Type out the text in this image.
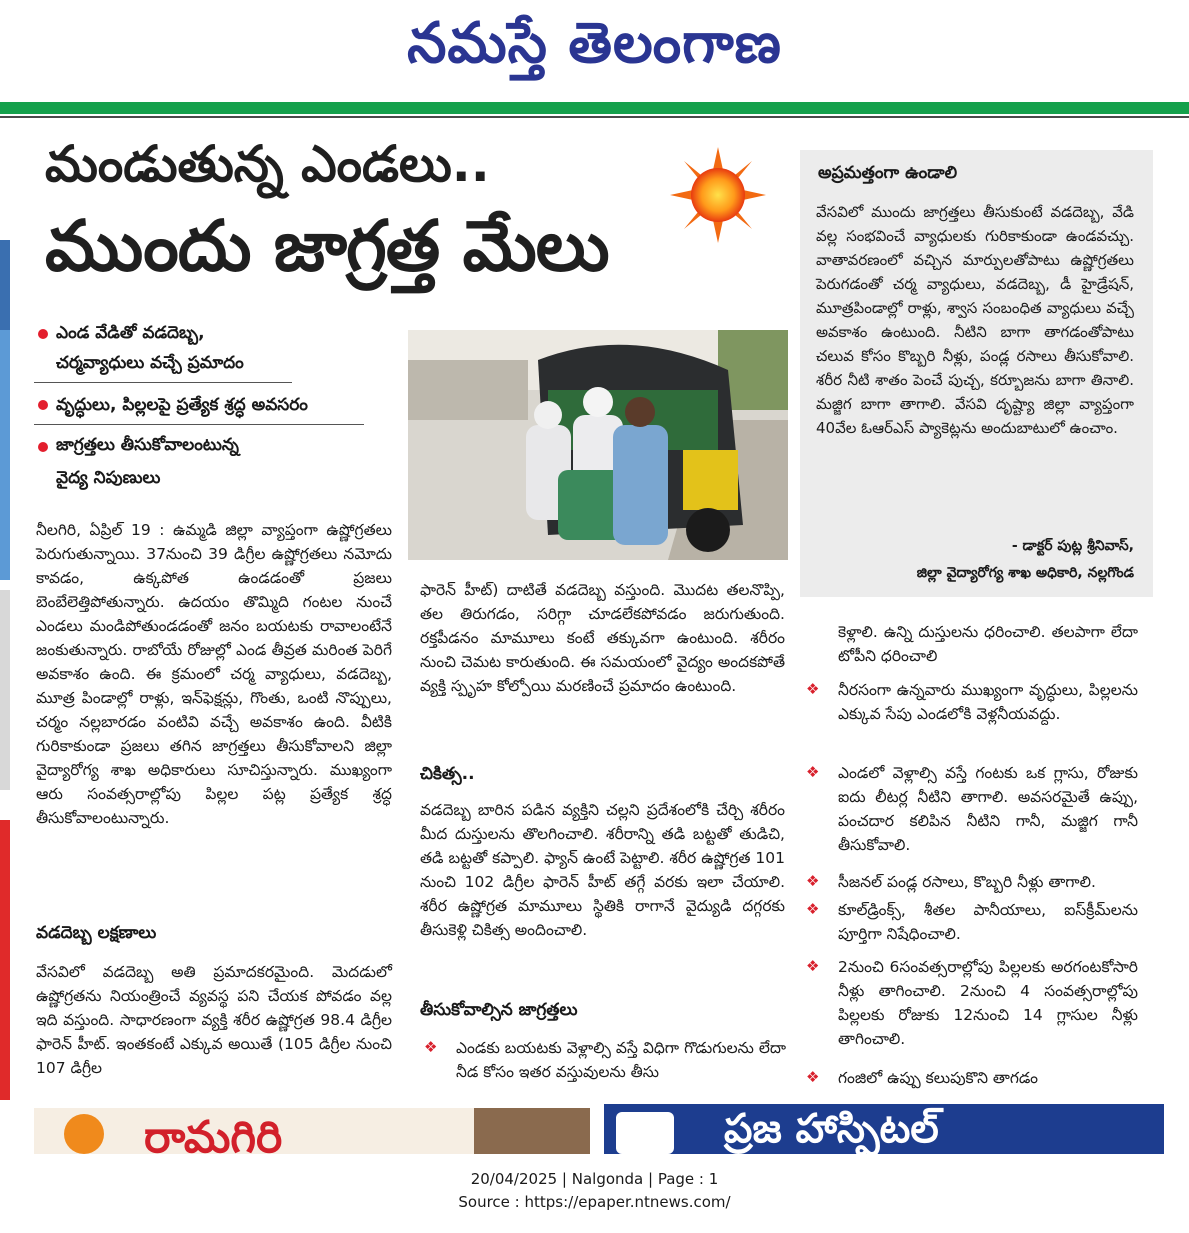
నమస్తే తెలంగాణ
మండుతున్న ఎండలు..
ముందు జాగ్రత్త మేలు
ఎండ వేడితో వడదెబ్బ,
చర్మవ్యాధులు వచ్చే ప్రమాదం
వృద్ధులు, పిల్లలపై ప్రత్యేక శ్రద్ధ అవసరం
జాగ్రత్తలు తీసుకోవాలంటున్న
వైద్య నిపుణులు
నీలగిరి, ఏప్రిల్ 19 : ఉమ్మడి జిల్లా వ్యాప్తంగా ఉష్ణోగ్రతలు పెరుగుతున్నాయి. 37నుంచి 39 డిగ్రీల ఉష్ణోగ్రతలు నమోదు కావడం, ఉక్కపోత ఉండడంతో ప్రజలు బెంబేలెత్తిపోతున్నారు. ఉదయం తొమ్మిది గంటల నుంచే ఎండలు మండిపోతుండడంతో జనం బయటకు రావాలంటేనే జంకుతున్నారు. రాబోయే రోజుల్లో ఎండ తీవ్రత మరింత పెరిగే అవకాశం ఉంది. ఈ క్రమంలో చర్మ వ్యాధులు, వడదెబ్బ, మూత్ర పిండాల్లో రాళ్లు, ఇన్‌ఫెక్షన్లు, గొంతు, ఒంటి నొప్పులు, చర్మం నల్లబారడం వంటివి వచ్చే అవకాశం ఉంది. వీటికి గురికాకుండా ప్రజలు తగిన జాగ్రత్తలు తీసుకోవాలని జిల్లా వైద్యారోగ్య శాఖ అధికారులు సూచిస్తున్నారు. ముఖ్యంగా ఆరు సంవత్సరాల్లోపు పిల్లల పట్ల ప్రత్యేక శ్రద్ధ తీసుకోవాలంటున్నారు.
వడదెబ్బ లక్షణాలు
వేసవిలో వడదెబ్బ అతి ప్రమాదకరమైంది. మెదడులో ఉష్ణోగ్రతను నియంత్రించే వ్యవస్థ పని చేయక పోవడం వల్ల ఇది వస్తుంది. సాధారణంగా వ్యక్తి శరీర ఉష్ణోగ్రత 98.4 డిగ్రీల ఫారెన్ హీట్. ఇంతకంటే ఎక్కువ అయితే (105 డిగ్రీల నుంచి 107 డిగ్రీల
ఫారెన్ హీట్) దాటితే వడదెబ్బ వస్తుంది. మొదట తలనొప్పి, తల తిరుగడం, సరిగ్గా చూడలేకపోవడం జరుగుతుంది. రక్తపీడనం మామూలు కంటే తక్కువగా ఉంటుంది. శరీరం నుంచి చెమట కారుతుంది. ఈ సమయంలో వైద్యం అందకపోతే వ్యక్తి స్పృహ కోల్పోయి మరణించే ప్రమాదం ఉంటుంది.
చికిత్స..
వడదెబ్బ బారిన పడిన వ్యక్తిని చల్లని ప్రదేశంలోకి చేర్చి శరీరం మీద దుస్తులను తొలగించాలి. శరీరాన్ని తడి బట్టతో తుడిచి, తడి బట్టతో కప్పాలి. ఫ్యాన్ ఉంటే పెట్టాలి. శరీర ఉష్ణోగ్రత 101 నుంచి 102 డిగ్రీల ఫారెన్ హీట్ తగ్గే వరకు ఇలా చేయాలి. శరీర ఉష్ణోగ్రత మామూలు స్థితికి రాగానే వైద్యుడి దగ్గరకు తీసుకెళ్లి చికిత్స అందించాలి.
తీసుకోవాల్సిన జాగ్రత్తలు
❖ ఎండకు బయటకు వెళ్లాల్సి వస్తే విధిగా గొడుగులను లేదా నీడ కోసం ఇతర వస్తువులను తీసు
అప్రమత్తంగా ఉండాలి
వేసవిలో ముందు జాగ్రత్తలు తీసుకుంటే వడదెబ్బ, వేడి వల్ల సంభవించే వ్యాధులకు గురికాకుండా ఉండవచ్చు. వాతావరణంలో వచ్చిన మార్పులతోపాటు ఉష్ణోగ్రతలు పెరుగడంతో చర్మ వ్యాధులు, వడదెబ్బ, డీ హైడ్రేషన్, మూత్రపిండాల్లో రాళ్లు, శ్వాస సంబంధిత వ్యాధులు వచ్చే అవకాశం ఉంటుంది. నీటిని బాగా తాగడంతోపాటు చలువ కోసం కొబ్బరి నీళ్లు, పండ్ల రసాలు తీసుకోవాలి. శరీర నీటి శాతం పెంచే పుచ్చ, కర్బూజను బాగా తినాలి. మజ్జిగ బాగా తాగాలి. వేసవి దృష్ట్యా జిల్లా వ్యాప్తంగా 40వేల ఓఆర్ఎస్ ప్యాకెట్లను అందుబాటులో ఉంచాం.
- డాక్టర్ పుట్ల శ్రీనివాస్,
జిల్లా వైద్యారోగ్య శాఖ అధికారి, నల్లగొండ
కెళ్లాలి. ఉన్ని దుస్తులను ధరించాలి. తలపాగా లేదా టోపీని ధరించాలి
❖ నీరసంగా ఉన్నవారు ముఖ్యంగా వృద్ధులు, పిల్లలను ఎక్కువ సేపు ఎండలోకి వెళ్లనీయవద్దు.
❖ ఎండలో వెళ్లాల్సి వస్తే గంటకు ఒక గ్లాసు, రోజుకు ఐదు లీటర్ల నీటిని తాగాలి. అవసరమైతే ఉప్పు, పంచదార కలిపిన నీటిని గానీ, మజ్జిగ గానీ తీసుకోవాలి.
❖ సీజనల్ పండ్ల రసాలు, కొబ్బరి నీళ్లు తాగాలి.
❖ కూల్‌డ్రింక్స్, శీతల పానీయాలు, ఐస్‌క్రీమ్‌లను పూర్తిగా నిషేధించాలి.
❖ 2నుంచి 6సంవత్సరాల్లోపు పిల్లలకు అరగంటకోసారి నీళ్లు తాగించాలి. 2నుంచి 4 సంవత్సరాల్లోపు పిల్లలకు రోజుకు 12నుంచి 14 గ్లాసుల నీళ్లు తాగించాలి.
❖ గంజిలో ఉప్పు కలుపుకొని తాగడం
రామగిరి	ప్రజ హాస్పిటల్
20/04/2025 | Nalgonda | Page : 1
Source : https://epaper.ntnews.com/
